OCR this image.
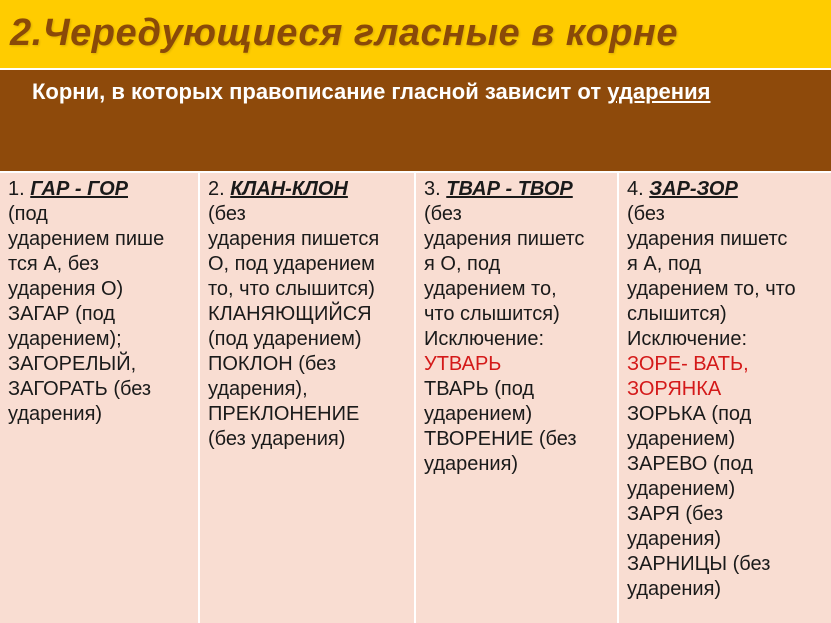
2.Чередующиеся гласные в корне
Корни, в которых правописание гласной зависит от ударения
1. ГАР - ГОР
(под
ударением пише
тся А, без
ударения О)
ЗАГАР (под
ударением);
ЗАГОРЕЛЫЙ,
ЗАГОРАТЬ (без
ударения)
2. КЛАН-КЛОН
(без
ударения пишется
О, под ударением
то, что слышится)
КЛАНЯЮЩИЙСЯ
(под ударением)
ПОКЛОН (без
ударения),
ПРЕКЛОНЕНИЕ
(без ударения)
3. ТВАР - ТВОР
(без
ударения пишетс
я О, под
ударением то,
что слышится)
Исключение:
УТВАРЬ
ТВАРЬ (под
ударением)
ТВОРЕНИЕ (без
ударения)
4. ЗАР-ЗОР
(без
ударения пишетс
я А, под
ударением то, что
слышится)
Исключение:
ЗОРЕ- ВАТЬ,
ЗОРЯНКА
ЗОРЬКА (под
ударением)
ЗАРЕВО (под
ударением)
ЗАРЯ (без
ударения)
ЗАРНИЦЫ (без
ударения)
